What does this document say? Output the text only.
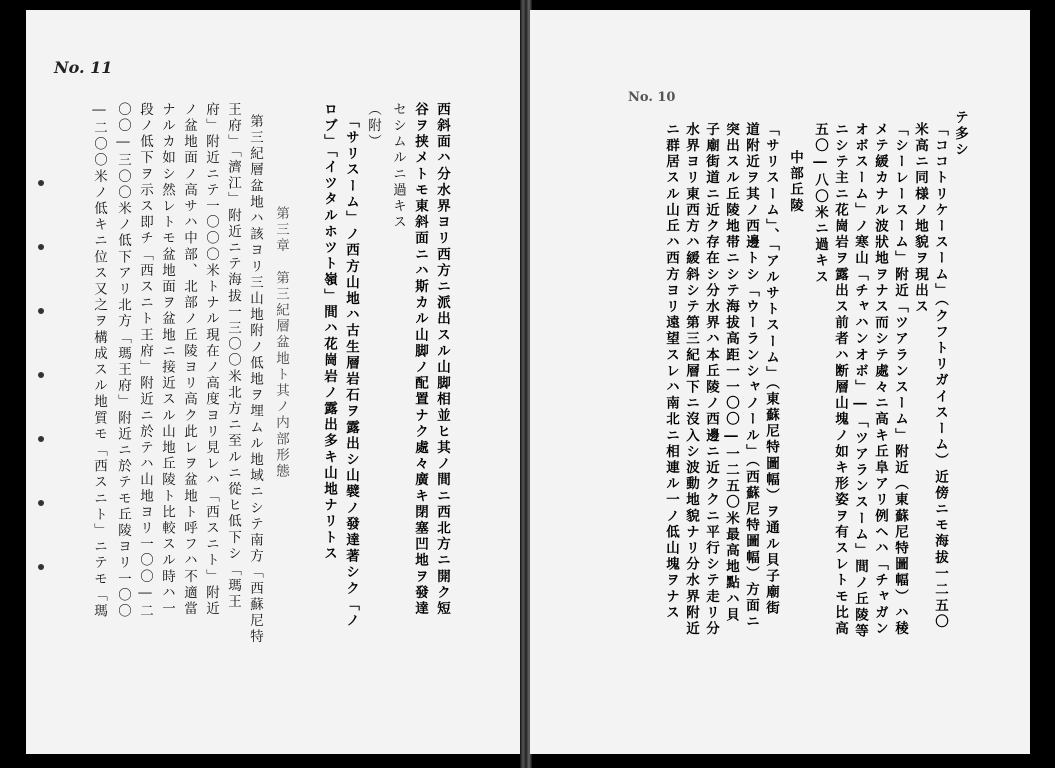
No. 11
西斜面ハ分水界ヨリ西方ニ派出スル山脚相並ヒ其ノ間ニ西北方ニ開ク短
谷ヲ挟メトモ東斜面ニハ斯カル山脚ノ配置ナク處々廣キ閉塞凹地ヲ發達
セシムルニ過キス
（附）
「サリスーム」ノ西方山地ハ古生層岩石ヲ露出シ山襞ノ發達著シク「ノ
ロブ」「イツタルホツト嶺」間ハ花崗岩ノ露出多キ山地ナリトス
第三章　第三紀層盆地ト其ノ内部形態
第三紀層盆地ハ該ヨリ三山地附ノ低地ヲ埋ムル地域ニシテ南方「西蘇尼特
王府」「濟江」附近ニテ海拔一三〇〇米北方ニ至ルニ從ヒ低下シ「瑪王
府」附近ニテ一〇〇〇米トナル現在ノ高度ヨリ見レハ「西スニト」附近
ノ盆地面ノ高サハ中部、北部ノ丘陵ヨリ高ク此レヲ盆地ト呼フハ不適當
ナルカ如シ然レトモ盆地面ヲ盆地ニ接近スル山地丘陵ト比較スル時ハ一
段ノ低下ヲ示ス即チ「西スニト王府」附近ニ於テハ山地ヨリ一〇〇―二
〇〇―三〇〇米ノ低下アリ北方「瑪王府」附近ニ於テモ丘陵ヨリ一〇〇
―二〇〇米ノ低キニ位ス又之ヲ構成スル地質モ「西スニト」ニテモ「瑪
No. 10
テ多シ
「ココトリケースーム」（クフトリガイスーム）近傍ニモ海拔一二五〇
米高ニ同様ノ地貌ヲ現出ス
「シーレースーム」附近「ツアランスーム」附近（東蘇尼特圖幅）ハ稜
メテ緩カナル波狀地ヲナス而シテ處々ニ高キ丘阜アリ例ヘハ「チャガン
オボスーム」ノ寒山「チャハンオボ」―「ツアランスーム」間ノ丘陵等
ニシテ主ニ花崗岩ヲ露出ス前者ハ断層山塊ノ如キ形姿ヲ有スレトモ比高
五〇―八〇米ニ過キス
中部丘陵
「サリスーム」、「アルサトスーム」（東蘇尼特圖幅）ヲ通ル貝子廟街
道附近ヲ其ノ西邊トシ「ウーランシャノール」（西蘇尼特圖幅）方面ニ
突出スル丘陵地帯ニシテ海拔高距一一〇〇―一二五〇米最高地點ハ貝
子廟街道ニ近ク存在シ分水界ハ本丘陵ノ西邊ニ近ククニ平行シテ走リ分
水界ヨリ東西方ハ緩斜シテ第三紀層下ニ沒入シ波動地貌ナリ分水界附近
ニ群居スル山丘ハ西方ヨリ遠望スレハ南北ニ相連ル一ノ低山塊ヲナス
